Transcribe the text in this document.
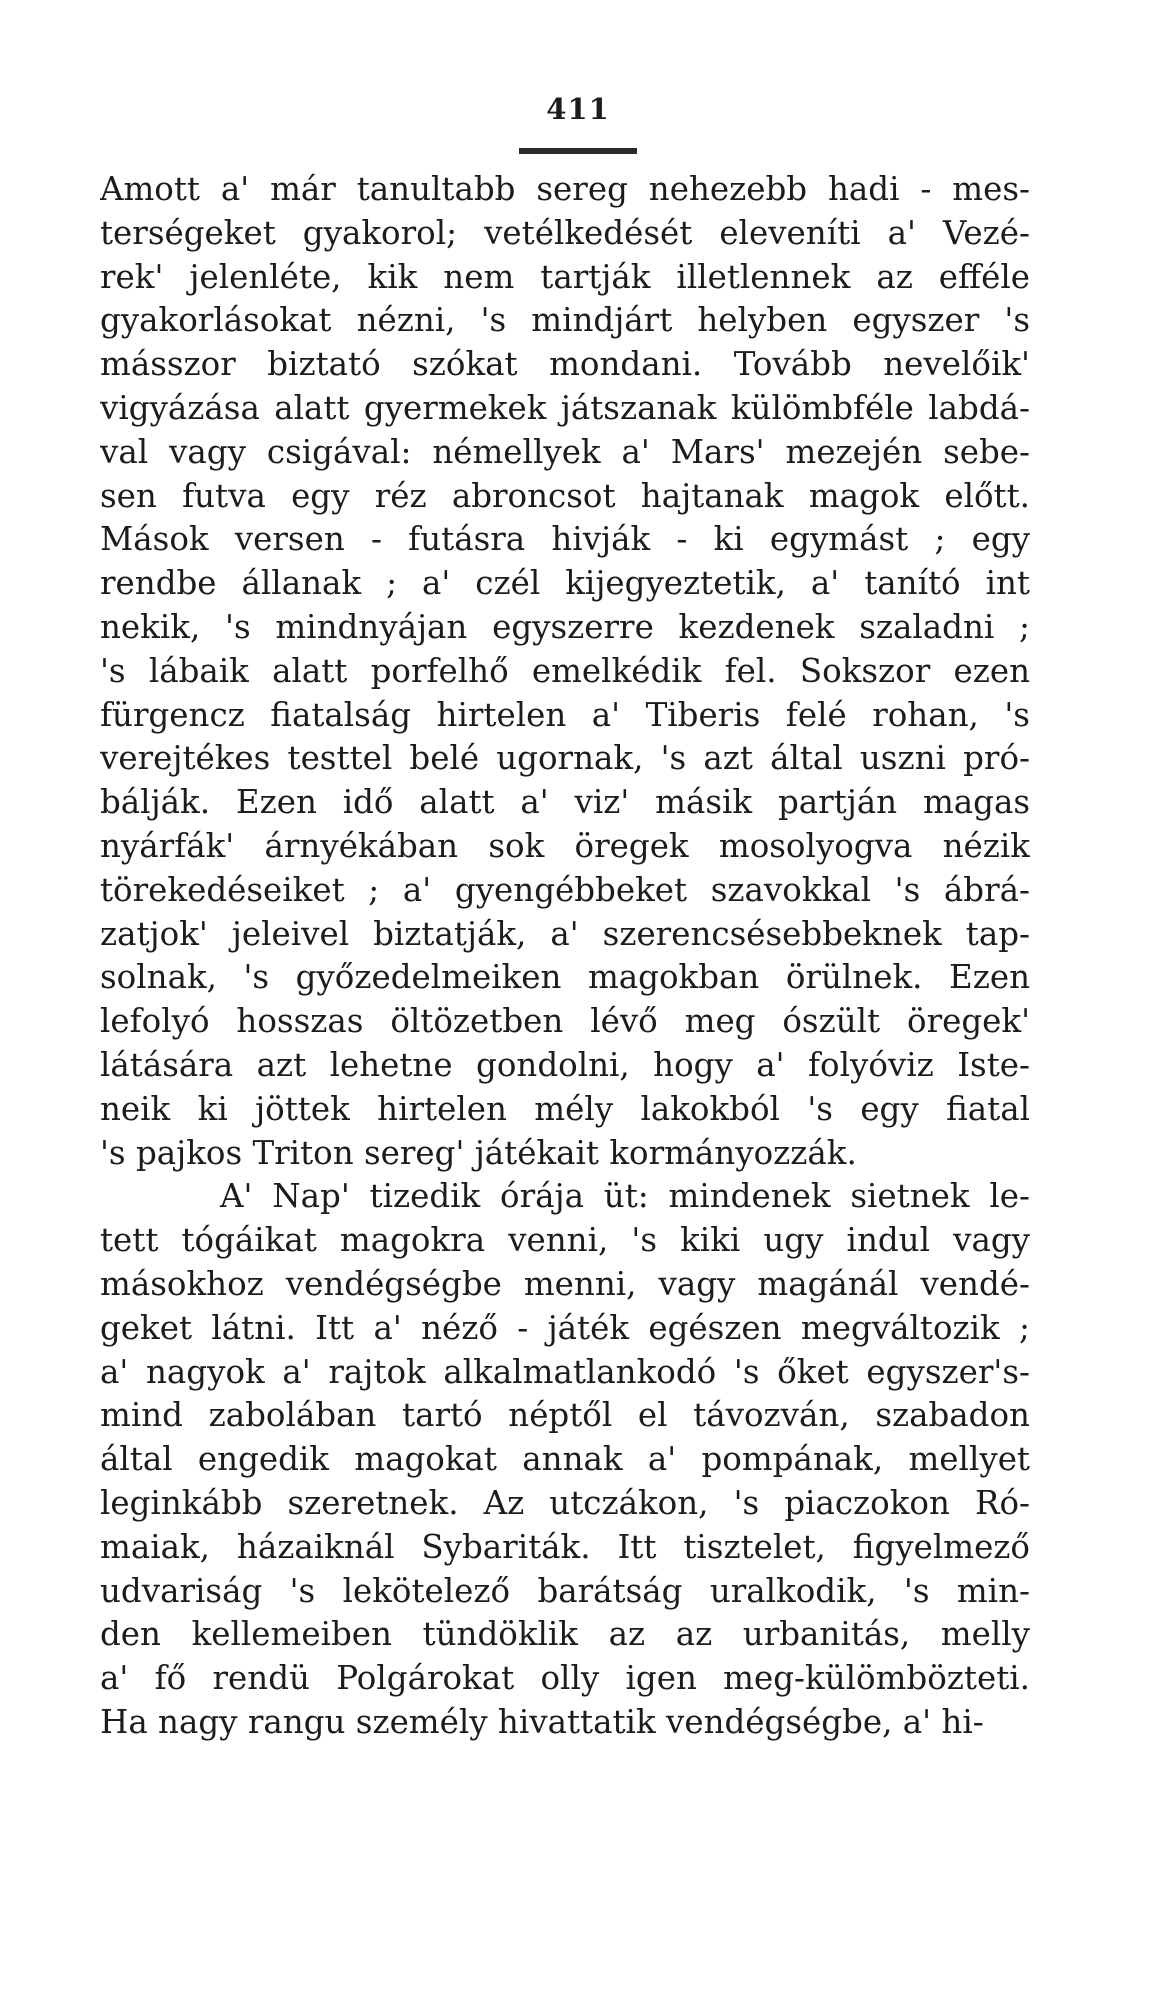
411
Amott a' már tanultabb sereg nehezebb hadi - mes-
terségeket gyakorol; vetélkedését eleveníti a' Vezé-
rek' jelenléte, kik nem tartják illetlennek az efféle
gyakorlásokat nézni, 's mindjárt helyben egyszer 's
másszor biztató szókat mondani. Tovább nevelőik'
vigyázása alatt gyermekek játszanak külömbféle labdá-
val vagy csigával: némellyek a' Mars' mezején sebe-
sen futva egy réz abroncsot hajtanak magok előtt.
Mások versen - futásra hivják - ki egymást ; egy
rendbe állanak ; a' czél kijegyeztetik, a' tanító int
nekik, 's mindnyájan egyszerre kezdenek szaladni ;
's lábaik alatt porfelhő emelkédik fel. Sokszor ezen
fürgencz fiatalság hirtelen a' Tiberis felé rohan, 's
verejtékes testtel belé ugornak, 's azt által uszni pró-
bálják. Ezen idő alatt a' viz' másik partján magas
nyárfák' árnyékában sok öregek mosolyogva nézik
törekedéseiket ; a' gyengébbeket szavokkal 's ábrá-
zatjok' jeleivel biztatják, a' szerencsésebbeknek tap-
solnak, 's győzedelmeiken magokban örülnek. Ezen
lefolyó hosszas öltözetben lévő meg ószült öregek'
látására azt lehetne gondolni, hogy a' folyóviz Iste-
neik ki jöttek hirtelen mély lakokból 's egy fiatal
's pajkos Triton sereg' játékait kormányozzák.
A' Nap' tizedik órája üt: mindenek sietnek le-
tett tógáikat magokra venni, 's kiki ugy indul vagy
másokhoz vendégségbe menni, vagy magánál vendé-
geket látni. Itt a' néző - játék egészen megváltozik ;
a' nagyok a' rajtok alkalmatlankodó 's őket egyszer's-
mind zabolában tartó néptől el távozván, szabadon
által engedik magokat annak a' pompának, mellyet
leginkább szeretnek. Az utczákon, 's piaczokon Ró-
maiak, házaiknál Sybariták. Itt tisztelet, figyelmező
udvariság 's lekötelező barátság uralkodik, 's min-
den kellemeiben tündöklik az az urbanitás, melly
a' fő rendü Polgárokat olly igen meg-külömbözteti.
Ha nagy rangu személy hivattatik vendégségbe, a' hi-
